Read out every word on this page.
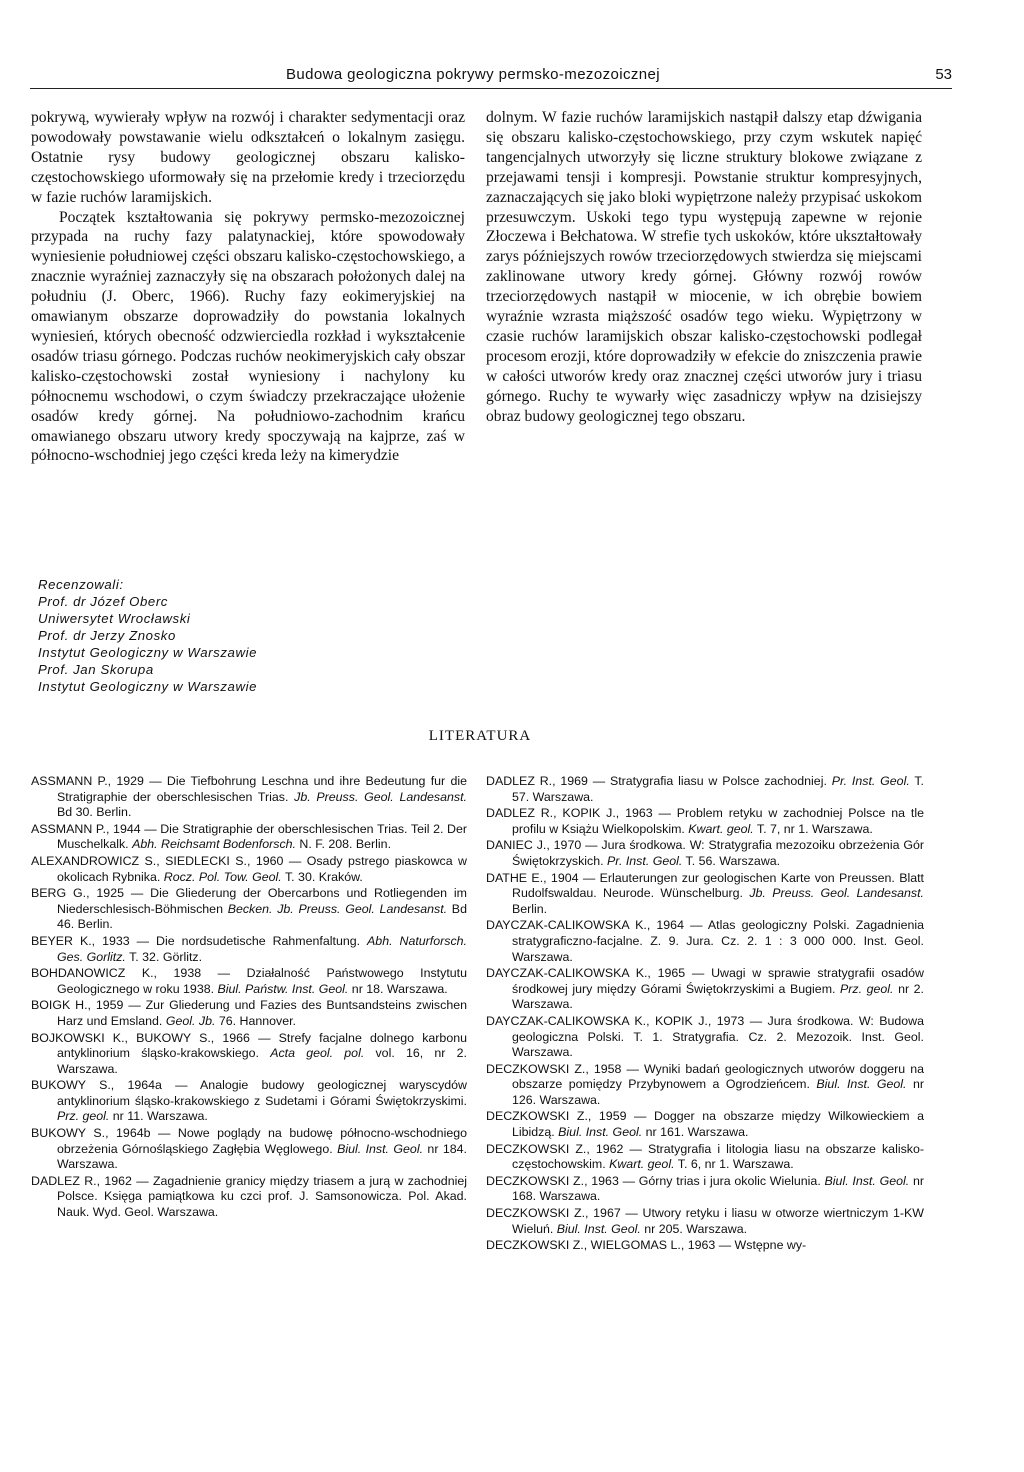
Budowa geologiczna pokrywy permsko-mezozoicznej	53

pokrywą, wywierały wpływ na rozwój i charakter sedymentacji oraz powodowały powstawanie wielu odkształceń o lokalnym zasięgu. Ostatnie rysy budowy geologicznej obszaru kalisko-częstochowskiego uformowały się na przełomie kredy i trzeciorzędu w fazie ruchów laramijskich.

Początek kształtowania się pokrywy permsko-mezozoicznej przypada na ruchy fazy palatynackiej, które spowodowały wyniesienie południowej części obszaru kalisko-częstochowskiego, a znacznie wyraźniej zaznaczyły się na obszarach położonych dalej na południu (J. Oberc, 1966). Ruchy fazy eokimeryjskiej na omawianym obszarze doprowadziły do powstania lokalnych wyniesień, których obecność odzwierciedla rozkład i wykształcenie osadów triasu górnego. Podczas ruchów neokimeryjskich cały obszar kalisko-częstochowski został wyniesiony i nachylony ku północnemu wschodowi, o czym świadczy przekraczające ułożenie osadów kredy górnej. Na południowo-zachodnim krańcu omawianego obszaru utwory kredy spoczywają na kajprze, zaś w północno-wschodniej jego części kreda leży na kimerydzie

dolnym. W fazie ruchów laramijskich nastąpił dalszy etap dźwigania się obszaru kalisko-częstochowskiego, przy czym wskutek napięć tangencjalnych utworzyły się liczne struktury blokowe związane z przejawami tensji i kompresji. Powstanie struktur kompresyjnych, zaznaczających się jako bloki wypiętrzone należy przypisać uskokom przesuwczym. Uskoki tego typu występują zapewne w rejonie Złoczewa i Bełchatowa. W strefie tych uskoków, które ukształtowały zarys późniejszych rowów trzeciorzędowych stwierdza się miejscami zaklinowane utwory kredy górnej. Główny rozwój rowów trzeciorzędowych nastąpił w miocenie, w ich obrębie bowiem wyraźnie wzrasta miąższość osadów tego wieku. Wypiętrzony w czasie ruchów laramijskich obszar kalisko-częstochowski podlegał procesom erozji, które doprowadziły w efekcie do zniszczenia prawie w całości utworów kredy oraz znacznej części utworów jury i triasu górnego. Ruchy te wywarły więc zasadniczy wpływ na dzisiejszy obraz budowy geologicznej tego obszaru.

Recenzowali:
Prof. dr Józef Oberc
Uniwersytet Wrocławski
Prof. dr Jerzy Znosko
Instytut Geologiczny w Warszawie
Prof. Jan Skorupa
Instytut Geologiczny w Warszawie
LITERATURA
ASSMANN P., 1929 — Die Tiefbohrung Leschna und ihre Bedeutung fur die Stratigraphie der oberschlesischen Trias. Jb. Preuss. Geol. Landesanst. Bd 30. Berlin.
ASSMANN P., 1944 — Die Stratigraphie der oberschlesischen Trias. Teil 2. Der Muschelkalk. Abh. Reichsamt Bodenforsch. N. F. 208. Berlin.
ALEXANDROWICZ S., SIEDLECKI S., 1960 — Osady pstrego piaskowca w okolicach Rybnika. Rocz. Pol. Tow. Geol. T. 30. Kraków.
BERG G., 1925 — Die Gliederung der Obercarbons und Rotliegenden im Niederschlesisch-Böhmischen Becken. Jb. Preuss. Geol. Landesanst. Bd 46. Berlin.
BEYER K., 1933 — Die nordsudetische Rahmenfaltung. Abh. Naturforsch. Ges. Gorlitz. T. 32. Görlitz.
BOHDANOWICZ K., 1938 — Działalność Państwowego Instytutu Geologicznego w roku 1938. Biul. Państw. Inst. Geol. nr 18. Warszawa.
BOIGK H., 1959 — Zur Gliederung und Fazies des Buntsandsteins zwischen Harz und Emsland. Geol. Jb. 76. Hannover.
BOJKOWSKI K., BUKOWY S., 1966 — Strefy facjalne dolnego karbonu antyklinorium śląsko-krakowskiego. Acta geol. pol. vol. 16, nr 2. Warszawa.
BUKOWY S., 1964a — Analogie budowy geologicznej waryscydów antyklinorium śląsko-krakowskiego z Sudetami i Górami Świętokrzyskimi. Prz. geol. nr 11. Warszawa.
BUKOWY S., 1964b — Nowe poglądy na budowę północno-wschodniego obrzeżenia Górnośląskiego Zagłębia Węglowego. Biul. Inst. Geol. nr 184. Warszawa.
DADLEZ R., 1962 — Zagadnienie granicy między triasem a jurą w zachodniej Polsce. Księga pamiątkowa ku czci prof. J. Samsonowicza. Pol. Akad. Nauk. Wyd. Geol. Warszawa.
DADLEZ R., 1969 — Stratygrafia liasu w Polsce zachodniej. Pr. Inst. Geol. T. 57. Warszawa.
DADLEZ R., KOPIK J., 1963 — Problem retyku w zachodniej Polsce na tle profilu w Książu Wielkopolskim. Kwart. geol. T. 7, nr 1. Warszawa.
DANIEC J., 1970 — Jura środkowa. W: Stratygrafia mezozoiku obrzeżenia Gór Świętokrzyskich. Pr. Inst. Geol. T. 56. Warszawa.
DATHE E., 1904 — Erlauterungen zur geologischen Karte von Preussen. Blatt Rudolfswaldau. Neurode. Wünschelburg. Jb. Preuss. Geol. Landesanst. Berlin.
DAYCZAK-CALIKOWSKA K., 1964 — Atlas geologiczny Polski. Zagadnienia stratygraficzno-facjalne. Z. 9. Jura. Cz. 2. 1 : 3 000 000. Inst. Geol. Warszawa.
DAYCZAK-CALIKOWSKA K., 1965 — Uwagi w sprawie stratygrafii osadów środkowej jury między Górami Świętokrzyskimi a Bugiem. Prz. geol. nr 2. Warszawa.
DAYCZAK-CALIKOWSKA K., KOPIK J., 1973 — Jura środkowa. W: Budowa geologiczna Polski. T. 1. Stratygrafia. Cz. 2. Mezozoik. Inst. Geol. Warszawa.
DECZKOWSKI Z., 1958 — Wyniki badań geologicznych utworów doggeru na obszarze pomiędzy Przybynowem a Ogrodzieńcem. Biul. Inst. Geol. nr 126. Warszawa.
DECZKOWSKI Z., 1959 — Dogger na obszarze między Wilkowieckiem a Libidzą. Biul. Inst. Geol. nr 161. Warszawa.
DECZKOWSKI Z., 1962 — Stratygrafia i litologia liasu na obszarze kalisko-częstochowskim. Kwart. geol. T. 6, nr 1. Warszawa.
DECZKOWSKI Z., 1963 — Górny trias i jura okolic Wielunia. Biul. Inst. Geol. nr 168. Warszawa.
DECZKOWSKI Z., 1967 — Utwory retyku i liasu w otworze wiertniczym 1-KW Wieluń. Biul. Inst. Geol. nr 205. Warszawa.
DECZKOWSKI Z., WIELGOMAS L., 1963 — Wstępne wy-
